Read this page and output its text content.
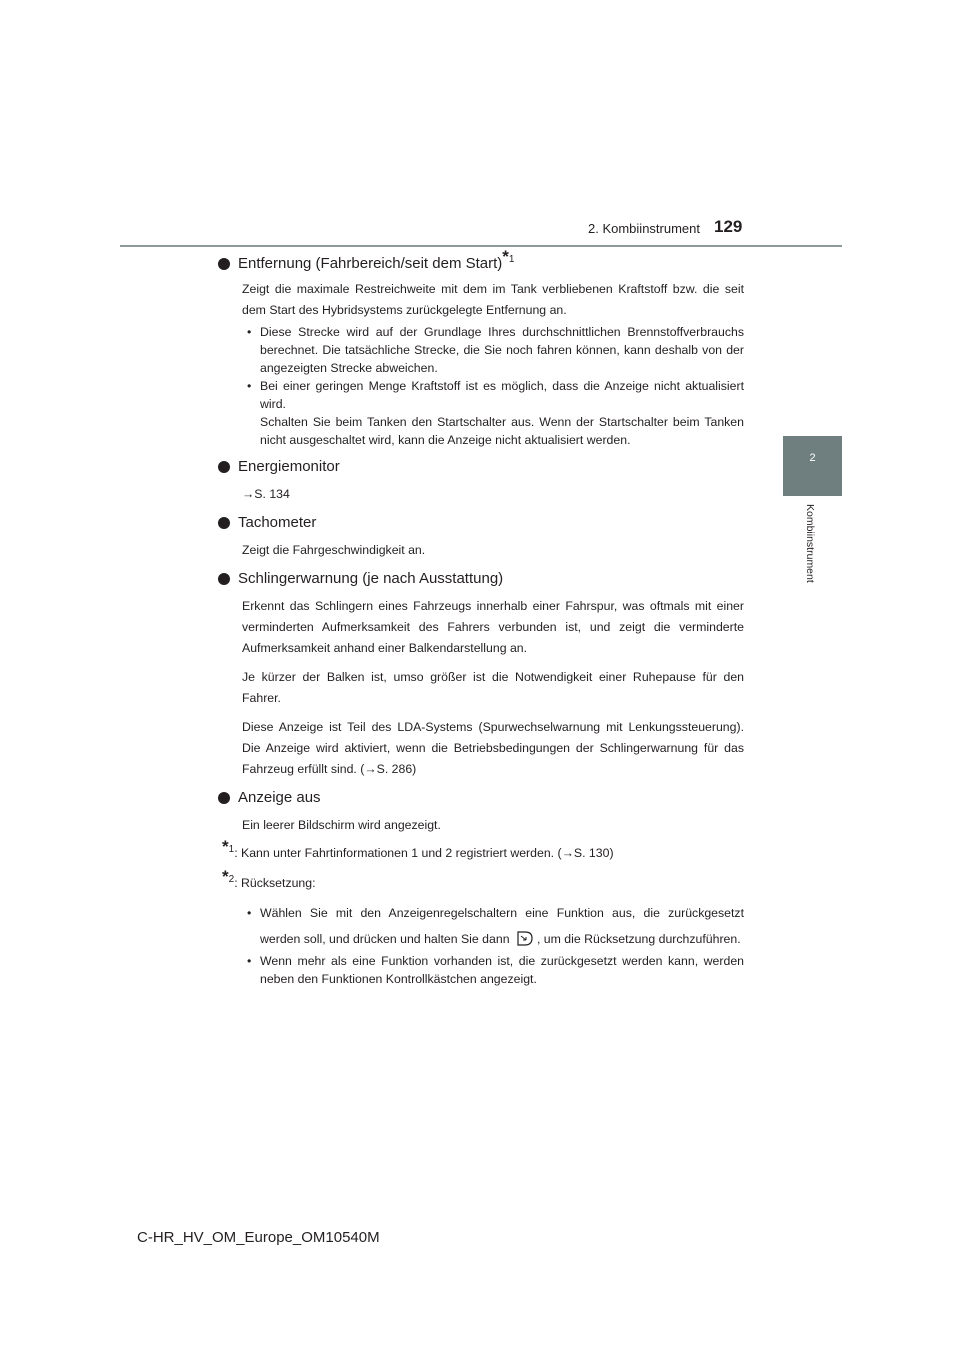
2. Kombiinstrument 129
2
Kombiinstrument
Entfernung (Fahrbereich/seit dem Start)*$^1$

Zeigt die maximale Restreichweite mit dem im Tank verbliebenen Kraftstoff bzw. die seit dem Start des Hybridsystems zurückgelegte Entfernung an.

• Diese Strecke wird auf der Grundlage Ihres durchschnittlichen Brennstoffverbrauchs berechnet. Die tatsächliche Strecke, die Sie noch fahren können, kann deshalb von der angezeigten Strecke abweichen.
• Bei einer geringen Menge Kraftstoff ist es möglich, dass die Anzeige nicht aktualisiert wird.
Schalten Sie beim Tanken den Startschalter aus. Wenn der Startschalter beim Tanken nicht ausgeschaltet wird, kann die Anzeige nicht aktualisiert werden.
Energiemonitor

→S. 134

Tachometer

Zeigt die Fahrgeschwindigkeit an.

Schlingerwarnung (je nach Ausstattung)

Erkennt das Schlingern eines Fahrzeugs innerhalb einer Fahrspur, was oftmals mit einer verminderten Aufmerksamkeit des Fahrers verbunden ist, und zeigt die verminderte Aufmerksamkeit anhand einer Balkendarstellung an.

Je kürzer der Balken ist, umso größer ist die Notwendigkeit einer Ruhepause für den Fahrer.

Diese Anzeige ist Teil des LDA-Systems (Spurwechselwarnung mit Lenkungssteuerung). Die Anzeige wird aktiviert, wenn die Betriebsbedingungen der Schlingerwarnung für das Fahrzeug erfüllt sind. (→S. 286)

Anzeige aus

Ein leerer Bildschirm wird angezeigt.

*$^1$: Kann unter Fahrtinformationen 1 und 2 registriert werden. (→S. 130)
*$^2$: Rücksetzung:
• Wählen Sie mit den Anzeigenregelschaltern eine Funktion aus, die zurückgesetzt werden soll, und drücken und halten Sie dann , um die Rücksetzung durchzuführen.
• Wenn mehr als eine Funktion vorhanden ist, die zurückgesetzt werden kann, werden neben den Funktionen Kontrollkästchen angezeigt.
C-HR_HV_OM_Europe_OM10540M
